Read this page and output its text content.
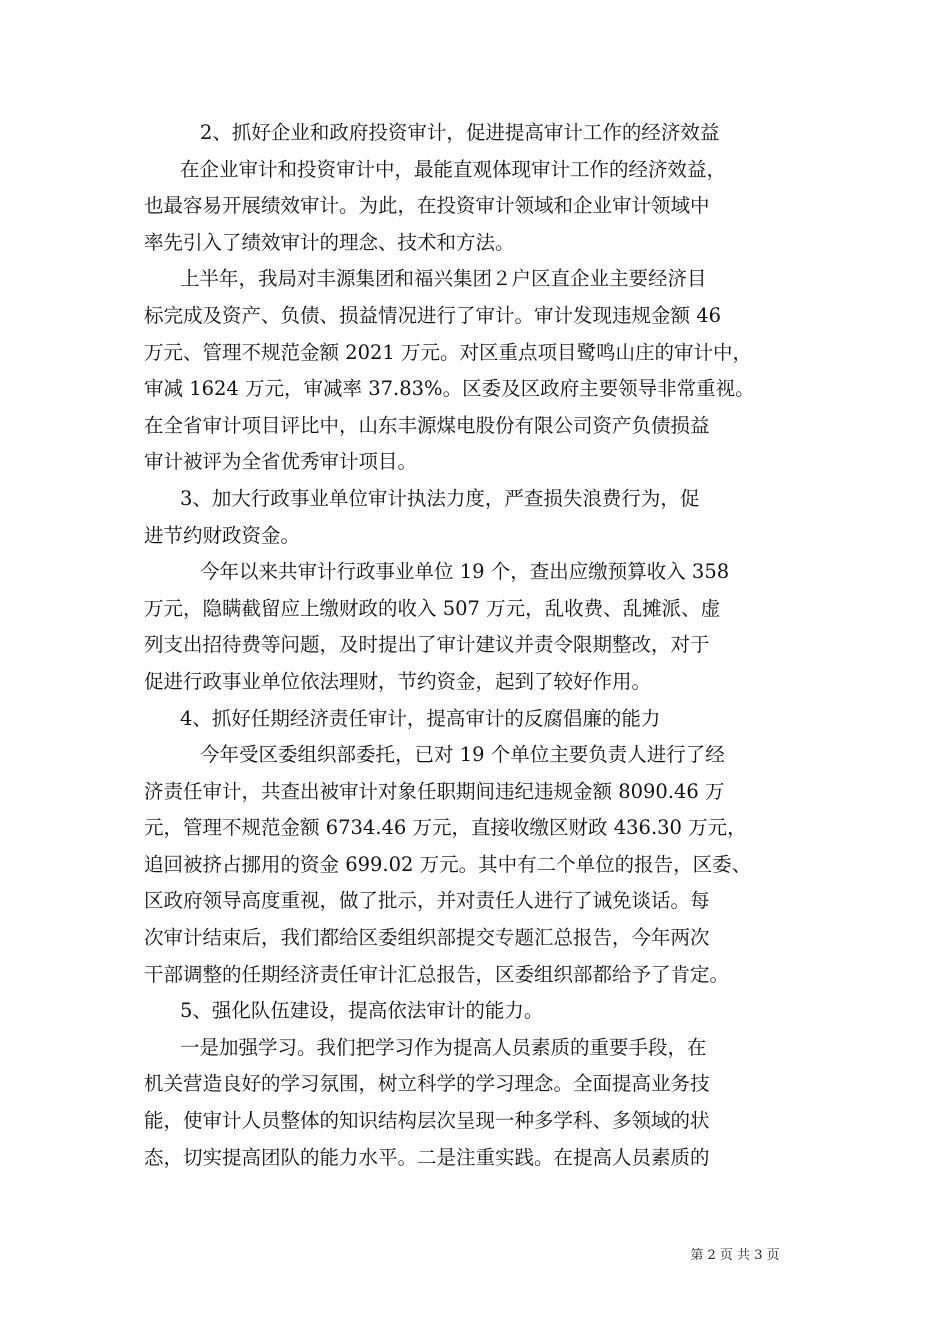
2、抓好企业和政府投资审计，促进提高审计工作的经济效益
在企业审计和投资审计中，最能直观体现审计工作的经济效益，
也最容易开展绩效审计。为此，在投资审计领域和企业审计领域中
率先引入了绩效审计的理念、技术和方法。
上半年，我局对丰源集团和福兴集团２户区直企业主要经济目
标完成及资产、负债、损益情况进行了审计。审计发现违规金额 46
万元、管理不规范金额 2021 万元。对区重点项目鹭鸣山庄的审计中，
审减 1624 万元，审减率 37.83%。区委及区政府主要领导非常重视。
在全省审计项目评比中，山东丰源煤电股份有限公司资产负债损益
审计被评为全省优秀审计项目。
3、加大行政事业单位审计执法力度，严查损失浪费行为，促
进节约财政资金。
今年以来共审计行政事业单位 19 个，查出应缴预算收入 358
万元，隐瞒截留应上缴财政的收入 507 万元，乱收费、乱摊派、虚
列支出招待费等问题，及时提出了审计建议并责令限期整改，对于
促进行政事业单位依法理财，节约资金，起到了较好作用。
4、抓好任期经济责任审计，提高审计的反腐倡廉的能力
今年受区委组织部委托，已对 19 个单位主要负责人进行了经
济责任审计，共查出被审计对象任职期间违纪违规金额 8090.46 万
元，管理不规范金额 6734.46 万元，直接收缴区财政 436.30 万元，
追回被挤占挪用的资金 699.02 万元。其中有二个单位的报告，区委、
区政府领导高度重视，做了批示，并对责任人进行了诫免谈话。每
次审计结束后，我们都给区委组织部提交专题汇总报告，今年两次
干部调整的任期经济责任审计汇总报告，区委组织部都给予了肯定。
5、强化队伍建设，提高依法审计的能力。
一是加强学习。我们把学习作为提高人员素质的重要手段，在
机关营造良好的学习氛围，树立科学的学习理念。全面提高业务技
能，使审计人员整体的知识结构层次呈现一种多学科、多领域的状
态，切实提高团队的能力水平。二是注重实践。在提高人员素质的
第 2 页 共 3 页
